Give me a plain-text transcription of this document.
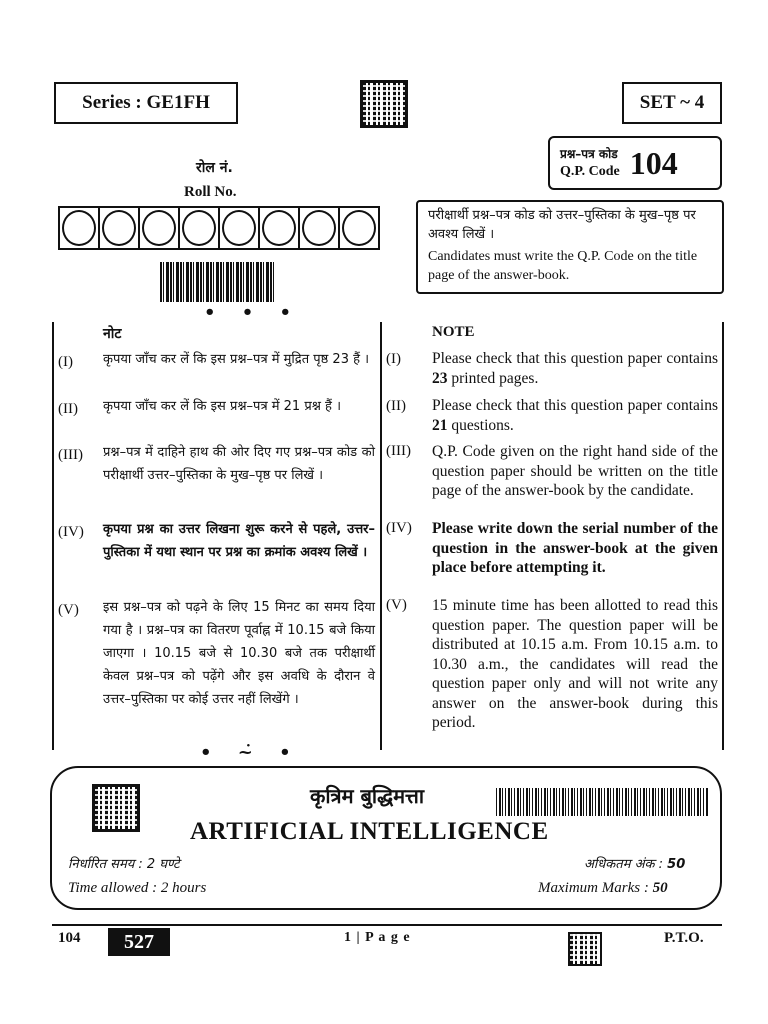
Series : GE1FH	SET ~ 4
प्रश्न–पत्र कोड
Q.P. Code 104
रोल नं.
Roll No.
• • •
परीक्षार्थी प्रश्न–पत्र कोड को उत्तर–पुस्तिका के मुख–पृष्ठ पर अवश्य लिखें ।
Candidates must write the Q.P. Code on the title page of the answer-book.
नोट	NOTE
(I) कृपया जाँच कर लें कि इस प्रश्न–पत्र में मुद्रित पृष्ठ 23 हैं ।	(I) Please check that this question paper contains 23 printed pages.
(II) कृपया जाँच कर लें कि इस प्रश्न–पत्र में 21 प्रश्न हैं ।	(II) Please check that this question paper contains 21 questions.
(III) प्रश्न–पत्र में दाहिने हाथ की ओर दिए गए प्रश्न–पत्र कोड को परीक्षार्थी उत्तर–पुस्तिका के मुख–पृष्ठ पर लिखें ।
(III) Q.P. Code given on the right hand side of the question paper should be written on the title page of the answer-book by the candidate.
(IV) कृपया प्रश्न का उत्तर लिखना शुरू करने से पहले, उत्तर–पुस्तिका में यथा स्थान पर प्रश्न का क्रमांक अवश्य लिखें ।
(IV) Please write down the serial number of the question in the answer-book at the given place before attempting it.
(V) इस प्रश्न–पत्र को पढ़ने के लिए 15 मिनट का समय दिया गया है । प्रश्न–पत्र का वितरण पूर्वाह्न में 10.15 बजे किया जाएगा । 10.15 बजे से 10.30 बजे तक परीक्षार्थी केवल प्रश्न–पत्र को पढ़ेंगे और इस अवधि के दौरान वे उत्तर–पुस्तिका पर कोई उत्तर नहीं लिखेंगे ।
(V) 15 minute time has been allotted to read this question paper. The question paper will be distributed at 10.15 a.m. From 10.15 a.m. to 10.30 a.m., the candidates will read the question paper only and will not write any answer on the answer-book during this period.
• ~̇ •
कृत्रिम बुद्धिमत्ता
ARTIFICIAL INTELLIGENCE
निर्धारित समय : 2 घण्टे	अधिकतम अंक : 50
Time allowed : 2 hours	Maximum Marks : 50
104	527	1 | P a g e	P.T.O.
